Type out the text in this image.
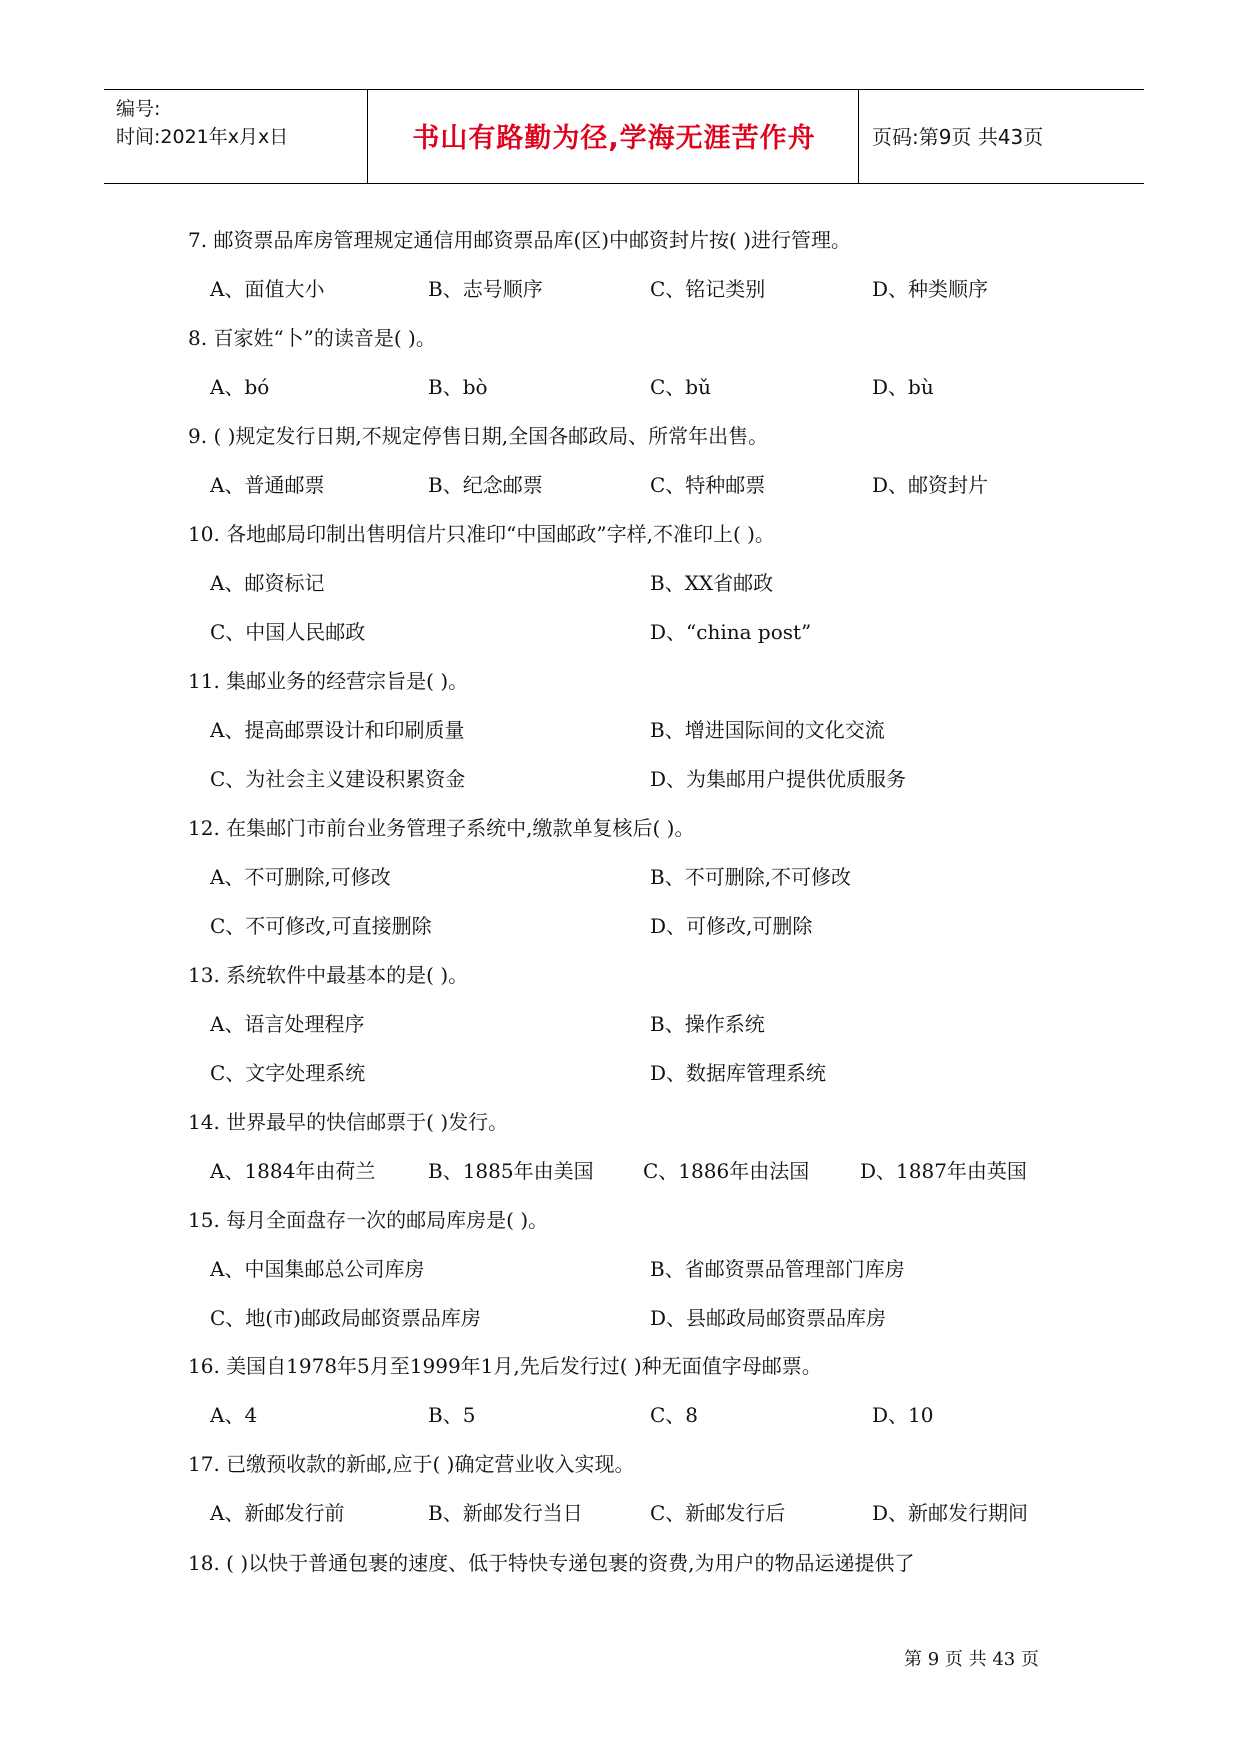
编号:
时间:2021年x月x日	书山有路勤为径,学海无涯苦作舟	页码:第9页 共43页
7. 邮资票品库房管理规定通信用邮资票品库(区)中邮资封片按( )进行管理。
A、面值大小	B、志号顺序	C、铭记类别	D、种类顺序
8. 百家姓“卜”的读音是( )。
A、bó	B、bò	C、bǔ	D、bù
9. ( )规定发行日期,不规定停售日期,全国各邮政局、所常年出售。
A、普通邮票	B、纪念邮票	C、特种邮票	D、邮资封片
10. 各地邮局印制出售明信片只准印“中国邮政”字样,不准印上( )。
A、邮资标记	B、XX省邮政
C、中国人民邮政	D、“china post”
11. 集邮业务的经营宗旨是( )。
A、提高邮票设计和印刷质量	B、增进国际间的文化交流
C、为社会主义建设积累资金	D、为集邮用户提供优质服务
12. 在集邮门市前台业务管理子系统中,缴款单复核后( )。
A、不可删除,可修改	B、不可删除,不可修改
C、不可修改,可直接删除	D、可修改,可删除
13. 系统软件中最基本的是( )。
A、语言处理程序	B、操作系统
C、文字处理系统	D、数据库管理系统
14. 世界最早的快信邮票于( )发行。
A、1884年由荷兰	B、1885年由美国 C、1886年由法国	D、1887年由英国
15. 每月全面盘存一次的邮局库房是( )。
A、中国集邮总公司库房	B、省邮资票品管理部门库房
C、地(市)邮政局邮资票品库房	D、县邮政局邮资票品库房
16. 美国自1978年5月至1999年1月,先后发行过( )种无面值字母邮票。
A、4	B、5	C、8	D、10
17. 已缴预收款的新邮,应于( )确定营业收入实现。
A、新邮发行前	B、新邮发行当日	C、新邮发行后	D、新邮发行期间
18. ( )以快于普通包裹的速度、低于特快专递包裹的资费,为用户的物品运递提供了
第 9 页 共 43 页
